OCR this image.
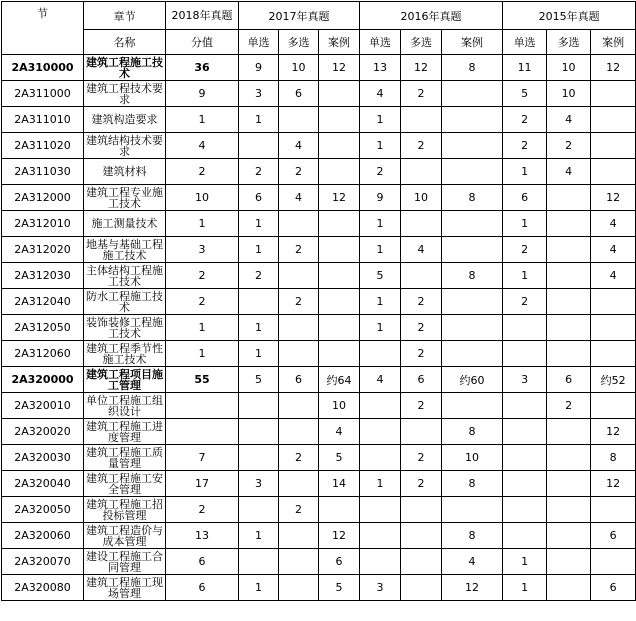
节	章节	2018年真题	2017年真题			2016年真题			2015年真题		
	名称	分值	单选	多选	案例	单选	多选	案例	单选	多选	案例
2A310000	建筑工程施工技术	36	9	10	12	13	12	8	11	10	12
2A311000	建筑工程技术要求	9	3	6		4	2		5	10	
2A311010	建筑构造要求	1	1			1			2	4	
2A311020	建筑结构技术要求	4		4		1	2		2	2	
2A311030	建筑材料	2	2	2		2			1	4	
2A312000	建筑工程专业施工技术	10	6	4	12	9	10	8	6		12
2A312010	施工测量技术	1	1			1			1		4
2A312020	地基与基础工程施工技术	3	1	2		1	4		2		4
2A312030	主体结构工程施工技术	2	2			5		8	1		4
2A312040	防水工程施工技术	2		2		1	2		2		
2A312050	装饰装修工程施工技术	1	1			1	2				
2A312060	建筑工程季节性施工技术	1	1				2				
2A320000	建筑工程项目施工管理	55	5	6	约64	4	6	约60	3	6	约52
2A320010	单位工程施工组织设计				10		2			2	
2A320020	建筑工程施工进度管理				4			8			12
2A320030	建筑工程施工质量管理	7		2	5		2	10			8
2A320040	建筑工程施工安全管理	17	3		14	1	2	8			12
2A320050	建筑工程施工招投标管理	2		2							
2A320060	建筑工程造价与成本管理	13	1		12			8			6
2A320070	建设工程施工合同管理	6			6			4	1		
2A320080	建筑工程施工现场管理	6	1		5	3		12	1		6
